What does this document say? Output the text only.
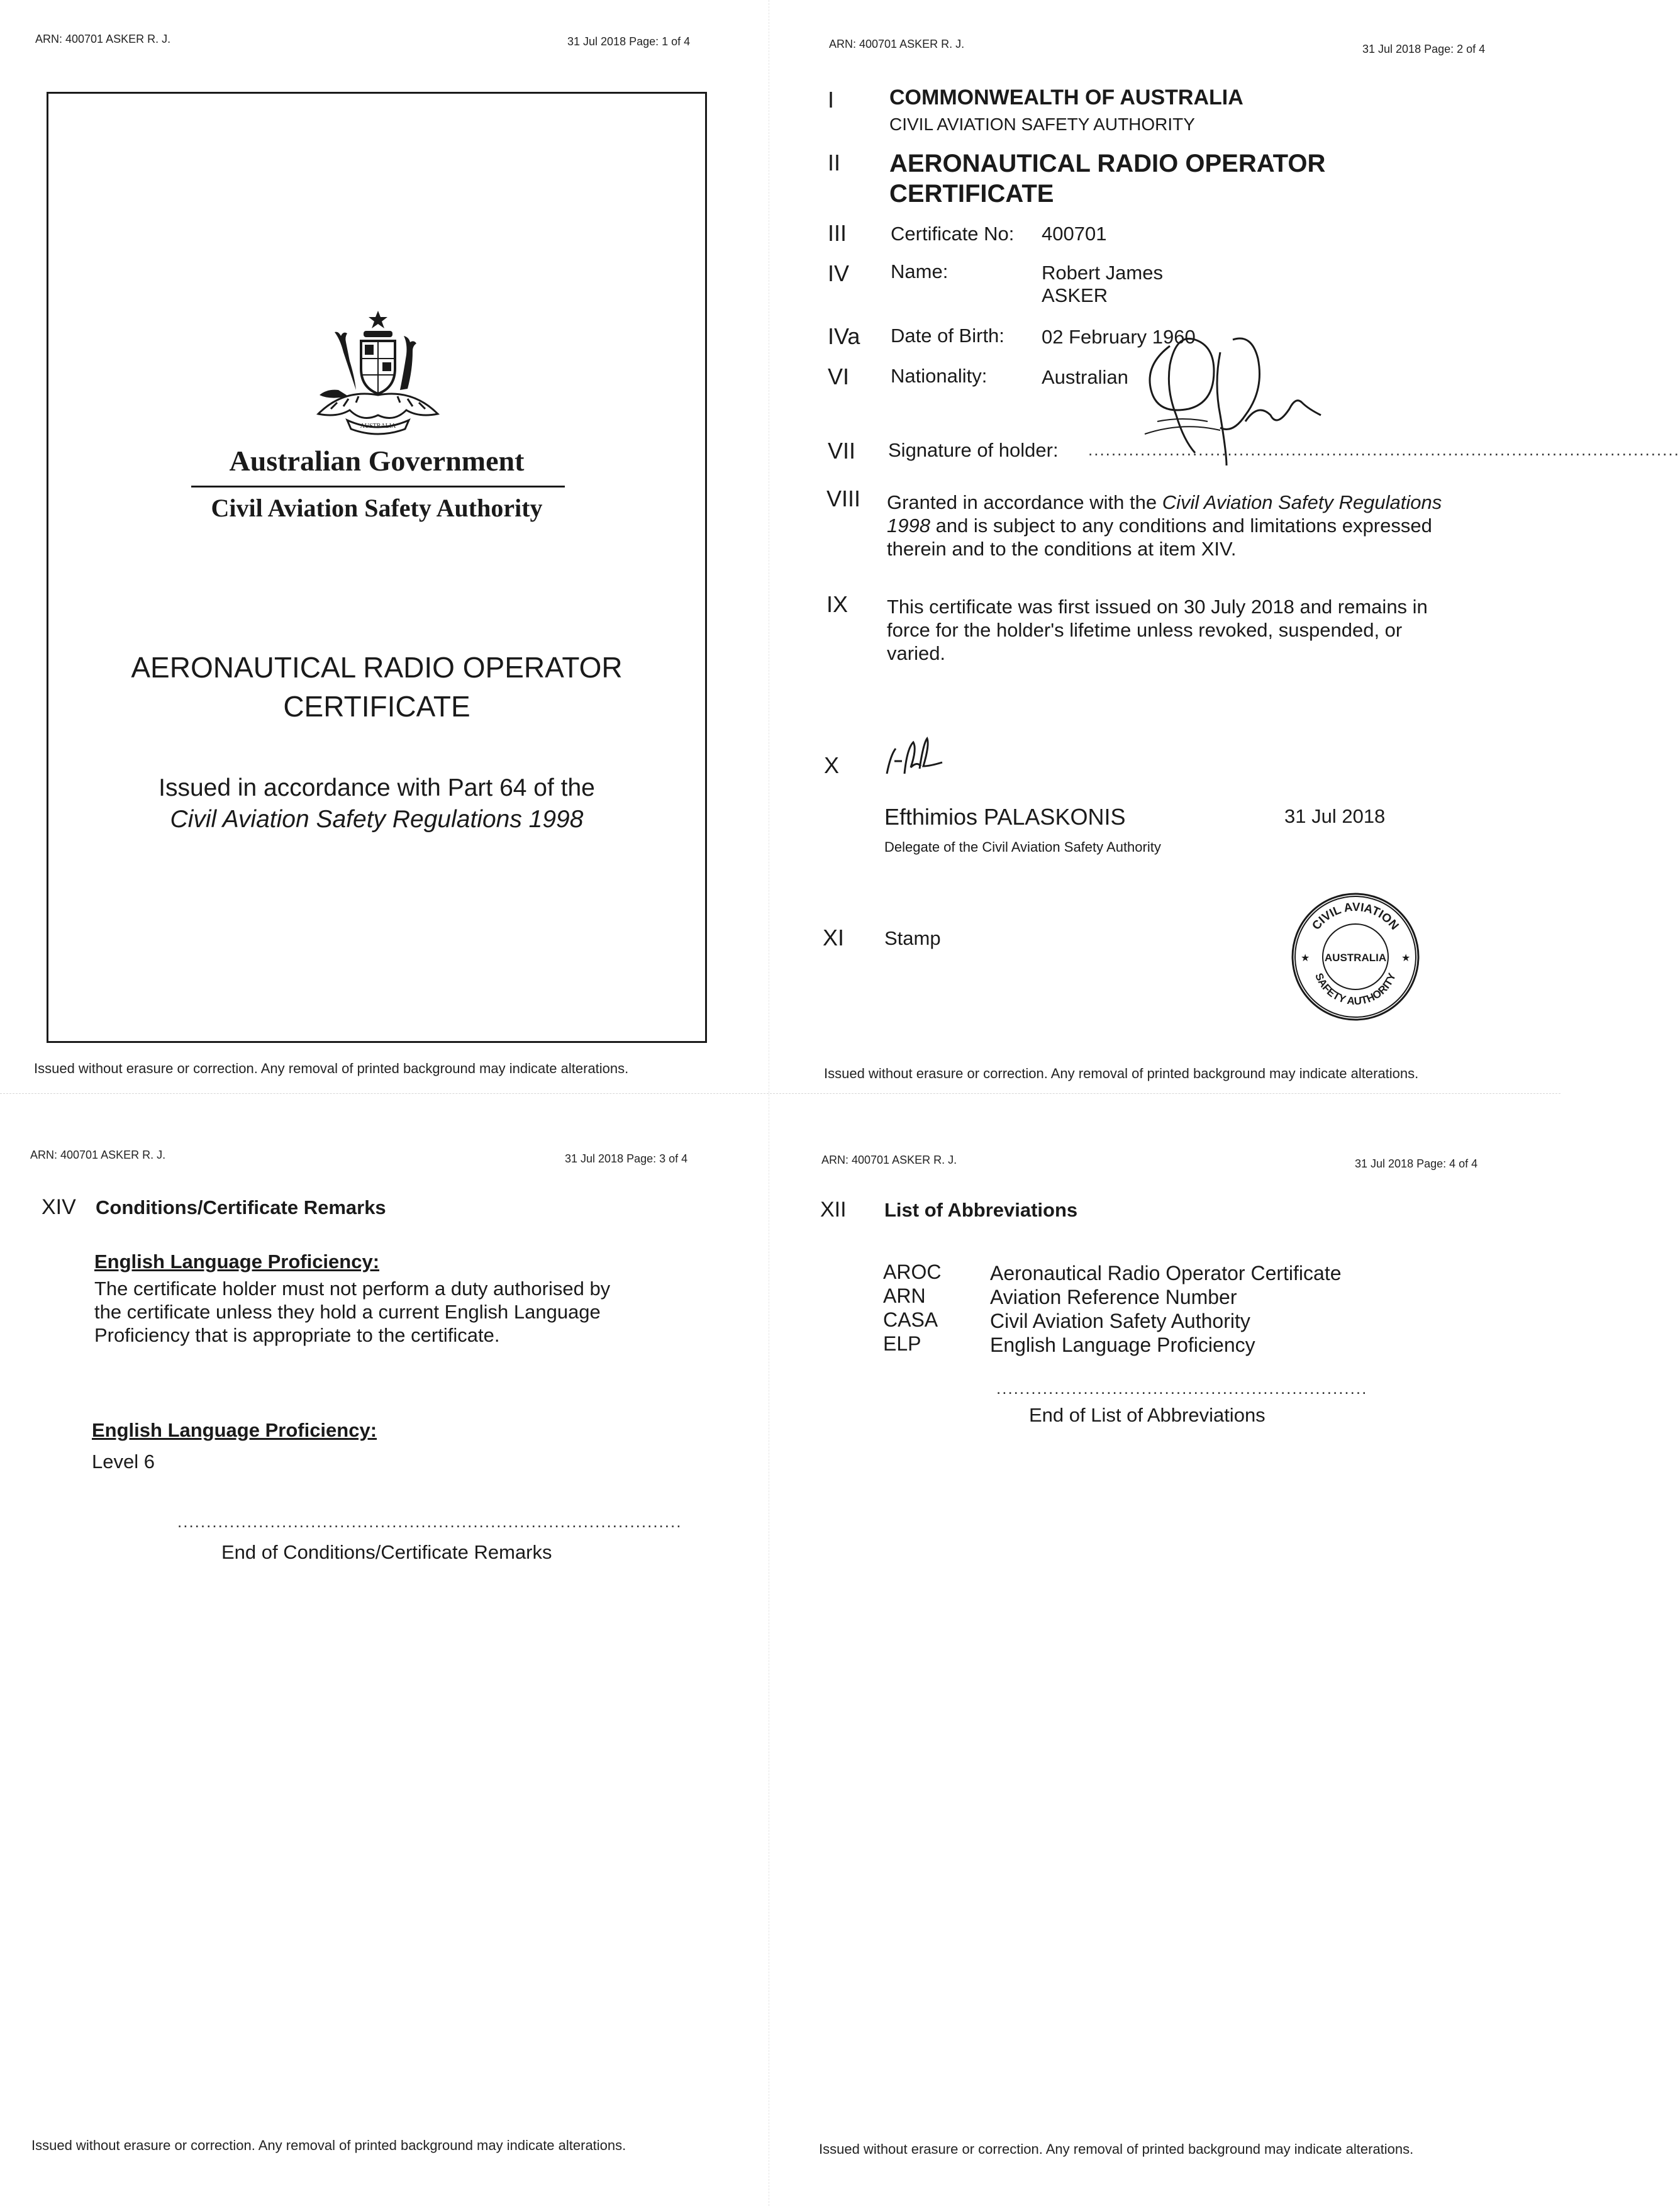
ARN: 400701 ASKER R. J.	31 Jul 2018 Page: 1 of 4
AUSTRALIA
Australian Government
Civil Aviation Safety Authority
AERONAUTICAL RADIO OPERATOR
CERTIFICATE
Issued in accordance with Part 64 of the
Civil Aviation Safety Regulations 1998
Issued without erasure or correction. Any removal of printed background may indicate alterations.
ARN: 400701 ASKER R. J.	31 Jul 2018 Page: 2 of 4
I	COMMONWEALTH OF AUSTRALIA
CIVIL AVIATION SAFETY AUTHORITY
II AERONAUTICAL RADIO OPERATOR
CERTIFICATE
III Certificate No: 400701
IV Name:	Robert James
ASKER
IVa Date of Birth: 02 February 1960
VI Nationality:	Australian
VII Signature of holder: ......................................................................................................
VIII Granted in accordance with the Civil Aviation Safety Regulations
1998 and is subject to any conditions and limitations expressed
therein and to the conditions at item XIV.
IX This certificate was first issued on 30 July 2018 and remains in
force for the holder's lifetime unless revoked, suspended, or
varied.
X
Efthimios PALASKONIS	31 Jul 2018
Delegate of the Civil Aviation Safety Authority
XI Stamp
CIVIL AVIATION
SAFETY AUTHORITY
AUSTRALIA
★	★
Issued without erasure or correction. Any removal of printed background may indicate alterations.
ARN: 400701 ASKER R. J.	31 Jul 2018 Page: 3 of 4
XIV Conditions/Certificate Remarks
English Language Proficiency:
The certificate holder must not perform a duty authorised by
the certificate unless they hold a current English Language
Proficiency that is appropriate to the certificate.
English Language Proficiency:
Level 6
.......................................................................................
End of Conditions/Certificate Remarks
Issued without erasure or correction. Any removal of printed background may indicate alterations.
ARN: 400701 ASKER R. J.	31 Jul 2018 Page: 4 of 4
XII List of Abbreviations
AROC Aeronautical Radio Operator Certificate
ARN	Aviation Reference Number
CASA	Civil Aviation Safety Authority
ELP	English Language Proficiency
................................................................
End of List of Abbreviations
Issued without erasure or correction. Any removal of printed background may indicate alterations.
